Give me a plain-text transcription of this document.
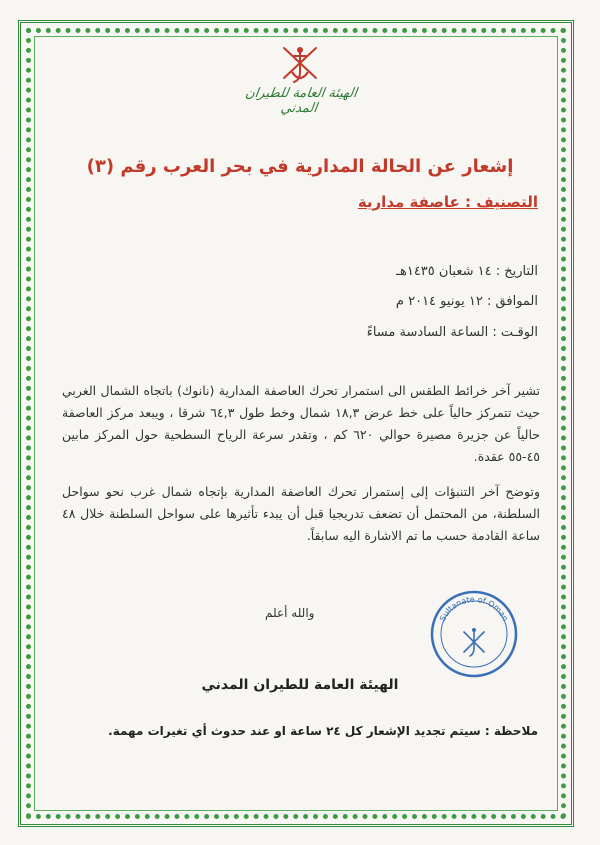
الهيئة العامة للطيران المدني
إشعار عن الحالة المدارية في بحر العرب رقم (٣)
التصنيف : عاصفة مدارية
التاريخ : ١٤ شعبان ١٤٣٥هـ
الموافق : ١٢ يونيو ٢٠١٤ م
الوقـت : الساعة السادسة مساءً
تشير آخر خرائط الطقس الى استمرار تحرك العاصفة المدارية (نانوك) باتجاه الشمال الغربي حيث تتمركز حالياً على خط عرض ١٨,٣ شمال وخط طول ٦٤,٣ شرقا ، ويبعد مركز العاصفة حالياً عن جزيرة مصيرة حوالي ٦٢٠ كم ، وتقدر سرعة الرياح السطحية حول المركز مابين ٤٥-٥٥ عقدة.
وتوضح آخر التنبؤات إلى إستمرار تحرك العاصفة المدارية بإتجاه شمال غرب نحو سواحل السلطنة، من المحتمل أن تضعف تدريجيا قبل أن يبدء تأثيرها على سواحل السلطنة خلال ٤٨ ساعة القادمة حسب ما تم الاشارة اليه سابقاً.
والله أعلم	Sultanate of Oman
الهيئة العامة للطيران المدني
ملاحظة : سيتم تجديد الإشعار كل ٢٤ ساعة او عند حدوث أي تغيرات مهمة.
